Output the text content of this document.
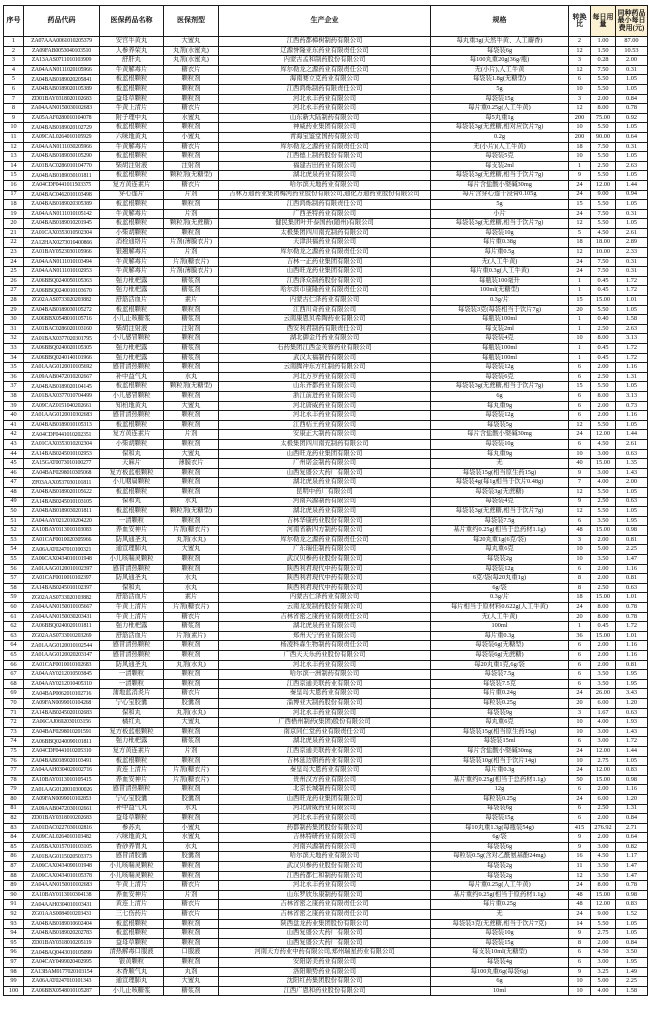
序号	药品代码	医保药品名称	医保剂型	生产企业	规格	转换比	每日用量	同种药品最小每日费用(元)
1	ZA07AAA0061010205379	安宫牛黄丸	大蜜丸	江西药都樟树制药有限公司	每丸重3g(天然牛黄、人工麝香)	2	1.00	87.00
2	ZA09FAB0053040103510	人参养荣丸	丸剂(水蜜丸)	辽源誉隆亚东药业有限责任公司	每袋装6g	12	1.50	10.53
3	ZA13AAS0711010103909	舒肝丸	丸剂(水蜜丸)	内蒙古孟和制药股份有限公司	每100丸重20g(36g/瓶)	3	0.28	2.00
4	ZA04AAN0111020105966	牛黄解毒片	糖衣片	库尔勒龙之源药业有限责任公司	无(小片),人工牛黄	12	7.50	0.31
5	ZA04BAB0189020205841	板蓝根颗粒	颗粒剂	海南赛立克药业有限公司	每袋装1.8g(无糖型)	6	5.50	1.05
6	ZA04BAB0189020105389	板蓝根颗粒	颗粒剂	江西鸿烁制药有限责任公司	5g	10	5.50	1.05
7	ZD01BAY0318020102683	益母草颗粒	颗粒剂	河北永丰药业有限公司	每袋装15g	3	2.00	0.84
8	ZA04AAN0150030102683	牛黄上清片	糖衣片	河北永丰药业有限公司	每片重0.25g(人工牛黄)	12	8.00	0.78
9	ZA05AAF0280010104078	附子理中丸	水蜜丸	山东新大陆制药有限公司	每5丸重1g	200	75.00	0.92
10	ZA04BAB0189020102729	板蓝根颗粒	颗粒剂	神威药业集团有限公司	每袋装3g(无蔗糖,相对应饮片7g)	10	5.50	1.05
11	ZA09CAL0264010105929	六味地黄丸	小蜜丸	青海宝鉴堂国药有限公司	0.2g	200	90.00	0.64
12	ZA04AAN0111030205966	牛黄解毒片	糖衣片	库尔勒龙之源药业有限责任公司	无(小片)(人工牛黄)	18	7.50	0.31
13	ZA04BAB0189030105290	板蓝根颗粒	颗粒剂	江西德上制药股份有限公司	每袋装5克	10	5.50	1.05
14	ZA01BAC0286010104770	柴胡注射液	注射剂	福建古田药业有限公司	每支装2ml	1	2.50	2.63
15	ZA04BAB0189030101811	板蓝根颗粒	颗粒剂(无糖型)	湖北虎泉药业有限公司	每袋装3g(无蔗糖,相当于饮片7g)	9	5.50	1.05
16	ZA04CDF0441011503375	复方黄连素片	糖衣片	哈尔滨天地药业有限公司	每片含盐酸小檗碱30mg	24	12.00	1.44
17	ZA04BAC0462010103498	穿心莲片	片剂	吉林万通药业集团梅河药业股份有限公司,通化万通药业股份有限公司	每片含穿心莲干浸膏0.105g	24	9.00	0.94
18	ZA04BAB0189020305389	板蓝根颗粒	颗粒剂	江西鸿烁制药有限责任公司	5g	15	5.50	1.05
19	ZA04AAN0111010105142	牛黄解毒片	片剂	广西圣特药业有限公司	小片	24	7.50	0.31
20	ZA04BAB0189010201945	板蓝根颗粒	颗粒剂(无蔗糖)	健民集团叶开泰国药(随州)有限公司	每袋装3g(无蔗糖,相当于饮片7g)	12	5.50	1.05
21	ZA01CAX0353010502304	小柴胡颗粒	颗粒剂	太极集团四川南充制药有限公司	每袋装10g	5	4.50	2.61
22	ZA12HAX0273010400866	消栓通络片	片剂(薄膜衣片)	天津洪福药业有限公司	每片重0.38g	18	18.00	2.89
23	ZA01BAY0523030105966	银翘解毒片	片剂	库尔勒龙之源药业有限责任公司	每片重0.5g	12	10.00	2.33
24	ZA04AAN0111010103494	牛黄解毒片	片剂(糖衣片)	吉林一正药业集团有限公司	无(人工牛黄)	24	7.50	0.31
25	ZA04AAN0111010102953	牛黄解毒片	片剂(薄膜衣片)	山西旺龙药业集团有限公司	每片重0.3g(人工牛黄)	24	7.50	0.31
26	ZA06BBQ0240050105363	强力枇杷露	糖浆剂	江西泽众制药股份有限公司	每瓶装100毫升	1	0.45	1.72
27	ZA06BBQ0240010103670	强力枇杷露	糖浆剂	哈尔滨市康隆药业有限责任公司	100ml(无糖型)	1	0.45	1.72
28	ZG02AAS0733020203882	舒筋活血片	素片	内蒙古仁泽药业有限公司	0.3g/片	15	15.00	1.01
29	ZA04BAB0189030105272	板蓝根颗粒	颗粒剂	江西川奇药业有限公司	每袋装3克(每袋相当于饮片7g)	20	5.50	1.05
30	ZA06BBX0548010105716	小儿止咳糖浆	糖浆剂	云南康恩贝希陶药业有限公司	每瓶装100ml	1	0.40	1.58
31	ZA01BAC0286020103160	柴胡注射液	注射剂	西安利君制药有限责任公司	每支装2ml	1	2.50	2.63
32	ZA01BAX0377020301795	小儿感冒颗粒	颗粒剂	湖北御金丹药业有限公司	每袋装4克	10	8.00	3.13
33	ZA06BBQ0240020105305	强力枇杷露	糖浆剂	石药集团江西金芙蓉药业有限公司	每瓶装100ml	1	0.45	1.72
34	ZA06BBQ0240140101966	强力枇杷露	糖浆剂	武汉太福制药有限公司	每瓶装100ml	1	0.45	1.72
35	ZA01AAG0120010105692	感冒清热颗粒	颗粒剂	云南腾冲东方红制药有限公司	每袋装12g	6	2.00	1.16
36	ZA09AAB0472010202667	补中益气丸	水丸	河北万岁药业有限公司	每袋装6克	6	2.50	1.31
37	ZA04BAB0189020104145	板蓝根颗粒	颗粒剂(无糖型)	山东齐都药业有限公司	每袋装3g(无蔗糖,相当于饮片7g)	15	5.50	1.05
38	ZA01BAX0377010704499	小儿感冒颗粒	颗粒剂	浙江前进药业有限公司	6g	6	8.00	3.13
39	ZA09CAZ0151040202661	知柏地黄丸	大蜜丸	河北唐威药业有限公司	每丸重9g	6	2.00	0.73
40	ZA01AAG0120010302683	感冒清热颗粒	颗粒剂	河北永丰药业有限公司	每袋装12g	6	2.00	1.16
41	ZA04BAB0189010105313	板蓝根颗粒	颗粒剂	江西桔王药业有限公司	每袋装5g	12	5.50	1.05
42	ZA04CDF0441010202351	复方黄连素片	片剂	安康正大制药有限公司	每片含盐酸小檗碱30mg	24	12.00	1.44
43	ZA01CAX0353010202304	小柴胡颗粒	颗粒剂	太极集团四川南充制药有限公司	每袋装10g	6	4.50	2.61
44	ZA14BAB0245010102953	保和丸	大蜜丸	山西旺龙药业集团有限公司	每丸重9g	10	3.00	0.63
45	ZA15GAT0073010100277	天麻片	薄膜衣片	广州诺金制药有限公司	无	40	15.00	1.35
46	ZA04BAF0298010305068	复方板蓝根颗粒	颗粒剂	山西复盛公大药厂有限公司	每袋装15g(相当原生药15g)	9	3.00	1.43
47	ZF03AAX0537030101811	小儿咽扁颗粒	颗粒剂	湖北虎泉药业有限公司	每袋装4g(每1g相当于饮片0.48g)	7	4.00	2.00
48	ZA04BAB0189020105622	板蓝根颗粒	颗粒剂	昆明中药厂有限公司	每袋装3g(无蔗糖)	12	5.50	1.05
49	ZA14BAB0245010103105	保和丸	水丸	河南兴源制药有限公司	每袋装4克	9	2.50	0.63
50	ZA04BAB0189030201811	板蓝根颗粒	颗粒剂(无糖型)	湖北虎泉药业有限公司	每袋装3g(无蔗糖,相当于饮片7g)	12	5.50	1.05
51	ZA04AAY0212010204220	一清颗粒	颗粒剂	吉林华康药业股份有限公司	每袋装7.5g	6	3.50	1.95
52	ZA10BAY0113010103083	养血安神片	片剂(糖衣片)	河南省新四方制药有限公司	基片重约0.25g(相当于总药材1.1g)	48	15.00	0.98
53	ZA01CAF0010020305966	防风通圣丸	丸剂(水丸)	库尔勒龙之源药业有限责任公司	每20丸重1g(6克/袋)	3	2.00	0.81
54	ZA06AAT0247010100321	通宣理肺丸	大蜜丸	广东瑞佳制药有限公司	每丸重6克	10	5.00	2.25
55	ZA06CAX0434010101948	小儿咳喘灵颗粒	颗粒剂	武汉贝参药业股份有限公司	每袋装2g	10	3.50	1.47
56	ZA01AAG0120010102397	感冒清热颗粒	颗粒剂	陕西利君现代中药有限公司	每袋装12g	6	2.00	1.16
57	ZA01CAF0010010102397	防风通圣丸	水丸	陕西利君现代中药有限公司	6克/袋(每20丸重1g)	8	2.00	0.81
58	ZA14BAB0245010102397	保和丸	水丸	陕西利君现代中药有限公司	6g/袋	8	2.50	0.63
59	ZG02AAS0733020103882	舒筋活血片	素片	内蒙古仁泽药业有限公司	0.3g/片	18	15.00	1.01
60	ZA04AAN0150010105667	牛黄上清片	片剂(糖衣片)	云南龙发制药股份有限公司	每片相当于原材料0.622g(人工牛黄)	24	8.00	0.78
61	ZA04AAN0150030203431	牛黄上清片	糖衣片	吉林省密之康药业有限责任公司	无(人工牛黄)	20	8.00	0.78
62	ZA06BBQ0240020101811	强力枇杷露	糖浆剂	湖北虎泉药业有限公司	100ml	1	0.45	1.72
63	ZG02AAS0733010203269	舒筋活血片	片剂(素片)	郑州天宁药业有限公司	每片重0.3g	36	15.00	1.01
64	ZA01AAG0120010102544	感冒清热颗粒	颗粒剂	杨凌科森生物制药有限责任公司	每袋装6g(无糖型)	6	2.00	1.16
65	ZA01AAG0120020203147	感冒清热颗粒	颗粒剂	广西天天乐药业股份有限公司	每袋装6g(无蔗糖)	6	2.00	1.16
66	ZA01CAF0010010102683	防风通圣丸	丸剂(水丸)	河北永丰药业有限公司	每20丸重1克,6g/袋	6	2.00	0.81
67	ZA04AAY0212010503845	一清颗粒	颗粒剂	哈尔滨一洲制药有限公司	每袋装7.5g	6	3.50	1.95
68	ZA04AAY0212010405310	一清颗粒	颗粒剂	江西京通美联药业有限公司	每袋装7.5克	6	3.50	1.95
69	ZA04BAP0062010102716	蒲地蓝消炎片	糖衣片	秦皇岛大恩药业有限公司	每片重0.24g	24	26.00	3.43
70	ZA09FAN0099010104268	宁心宝胶囊	胶囊剂	淄博亚大制药股份有限公司	每粒装0.25g	20	6.00	1.20
71	ZA14BAB0245020102683	保和丸	丸剂(水丸)	河北永丰药业有限公司	每袋装9g	3	1.67	0.63
72	ZA06CAJ0692030103156	橘红丸	大蜜丸	广西梧州制药(集团)股份有限公司	每丸重6克	10	4.00	1.93
73	ZA04BAF0298010201591	复方板蓝根颗粒	颗粒剂	南京同仁堂药业有限责任公司	每袋装15g(相当原生药15g)	10	3.00	1.43
74	ZA06BBQ0240090101811	强力枇杷露	糖浆剂	湖北虎泉药业有限公司	每袋装15ml	6	3.00	1.72
75	ZA04CDF0441010205310	复方黄连素片	片剂	江西京通美联药业有限公司	每片含盐酸小檗碱30mg	24	12.00	1.44
76	ZA04BAB0189020103491	板蓝根颗粒	颗粒剂	吉林延边朝药药业有限公司	每袋装10g(相当于饮片14g)	10	2.75	1.05
77	ZA04AAH0304020102716	黄连上清片	片剂(糖衣片)	秦皇岛大恩药业有限公司	每片重0.3g	24	12.00	0.83
78	ZA10BAY0113010105415	养血安神片	片剂(糖衣片)	贵州汉方药业有限公司	基片重约0.25g(相当于总药材1.1g)	50	15.00	0.98
79	ZA01AAG0120010300026	感冒清热颗粒	颗粒剂	北京长城制药有限公司	12g	6	2.00	1.16
80	ZA09FAN0099010102853	宁心宝胶囊	胶囊剂	山西旺龙药业集团有限公司	每粒装0.25g	24	6.00	1.20
81	ZA09AAB0472030102661	补中益气丸	水丸	河北唐威药业有限公司	每袋装6g	6	2.50	1.31
82	ZD01BAY0318010202683	益母草颗粒	颗粒剂	河北永丰药业有限公司	每袋装15g	6	2.00	0.84
83	ZA01DAC0227030102816	参苏丸	小蜜丸	药都制药集团股份有限公司	每10丸重1.3g(每瓶装54g)	415	276.92	2.71
84	ZA09CAL0264010103482	六味地黄丸	水蜜丸	吉林特研药业有限公司	6g/袋	9	2.00	0.64
85	ZA05BAX0157010103105	香砂养胃丸	水丸	河南兴源制药有限公司	每袋装6g	9	3.00	0.82
86	ZA01BAG0115020503373	感冒清胶囊	胶囊剂	哈尔滨天地药业有限公司	每粒装0.5g(含对乙酰氨基酚24mg)	16	4.50	1.17
87	ZA06CAX0434090101948	小儿咳喘灵颗粒	颗粒剂	武汉贝参药业股份有限公司	每袋装2g	11	3.50	1.47
88	ZA06CAX0434010105378	小儿咳喘灵颗粒	颗粒剂	江西药都仁和制药有限公司	每袋装2g	12	3.50	1.47
89	ZA04AAN0150010102683	牛黄上清片	糖衣片	河北永丰药业有限公司	每片重0.25g(人工牛黄)	24	8.00	0.78
90	ZA10BAY0113010304138	养血安神片	片剂	山东罗欣乐康制药有限公司	基片重约0.25g(相当于原药材1.1g)	48	15.00	0.98
91	ZA04AAH0304010103431	黄连上清片	糖衣片	吉林省密之康药业有限责任公司	每片重0.25g	48	12.00	0.83
92	ZG01AAS0084010203431	三七伤药片	糖衣片	吉林省密之康药业有限责任公司	无	24	9.00	1.52
93	ZA04BAB0189010602404	板蓝根颗粒	颗粒剂	陕西盘龙药业集团股份有限公司	每袋装3克(无蔗糖,相当于饮片7克)	14	5.50	1.05
94	ZA04BAB0189020202783	板蓝根颗粒	颗粒剂	山西复盛公大药厂有限公司	每袋装10g	9	2.75	1.05
95	ZD01BAY0318010205119	益母草颗粒	颗粒剂	山西复盛公大药厂有限公司	每袋装15g	8	2.00	0.84
96	ZA04BAQ0443010105099	清热解毒口服液	口服液	河南天方药业中药有限公司,郑州瑞星药业有限公司	每支装10ml(无糖型)	6	4.50	3.50
97	ZA04CAY0499020402995	银黄颗粒	颗粒剂	安阳诺美药业有限公司	每袋装4g	6	3.00	1.95
98	ZA13BAM0177020103154	木香顺气丸	丸剂	洛阳顺势药业有限公司	每100丸重6g(每袋6g)	9	3.25	1.49
99	ZA06AAT0247010101343	通宣理肺丸	大蜜丸	沈阳红药集团股份有限公司	6g	10	5.00	2.25
100	ZA06BBX0548010105287	小儿止咳糖浆	糖浆剂	江西广恩和药业股份有限公司	10ml	10	4.00	1.58
